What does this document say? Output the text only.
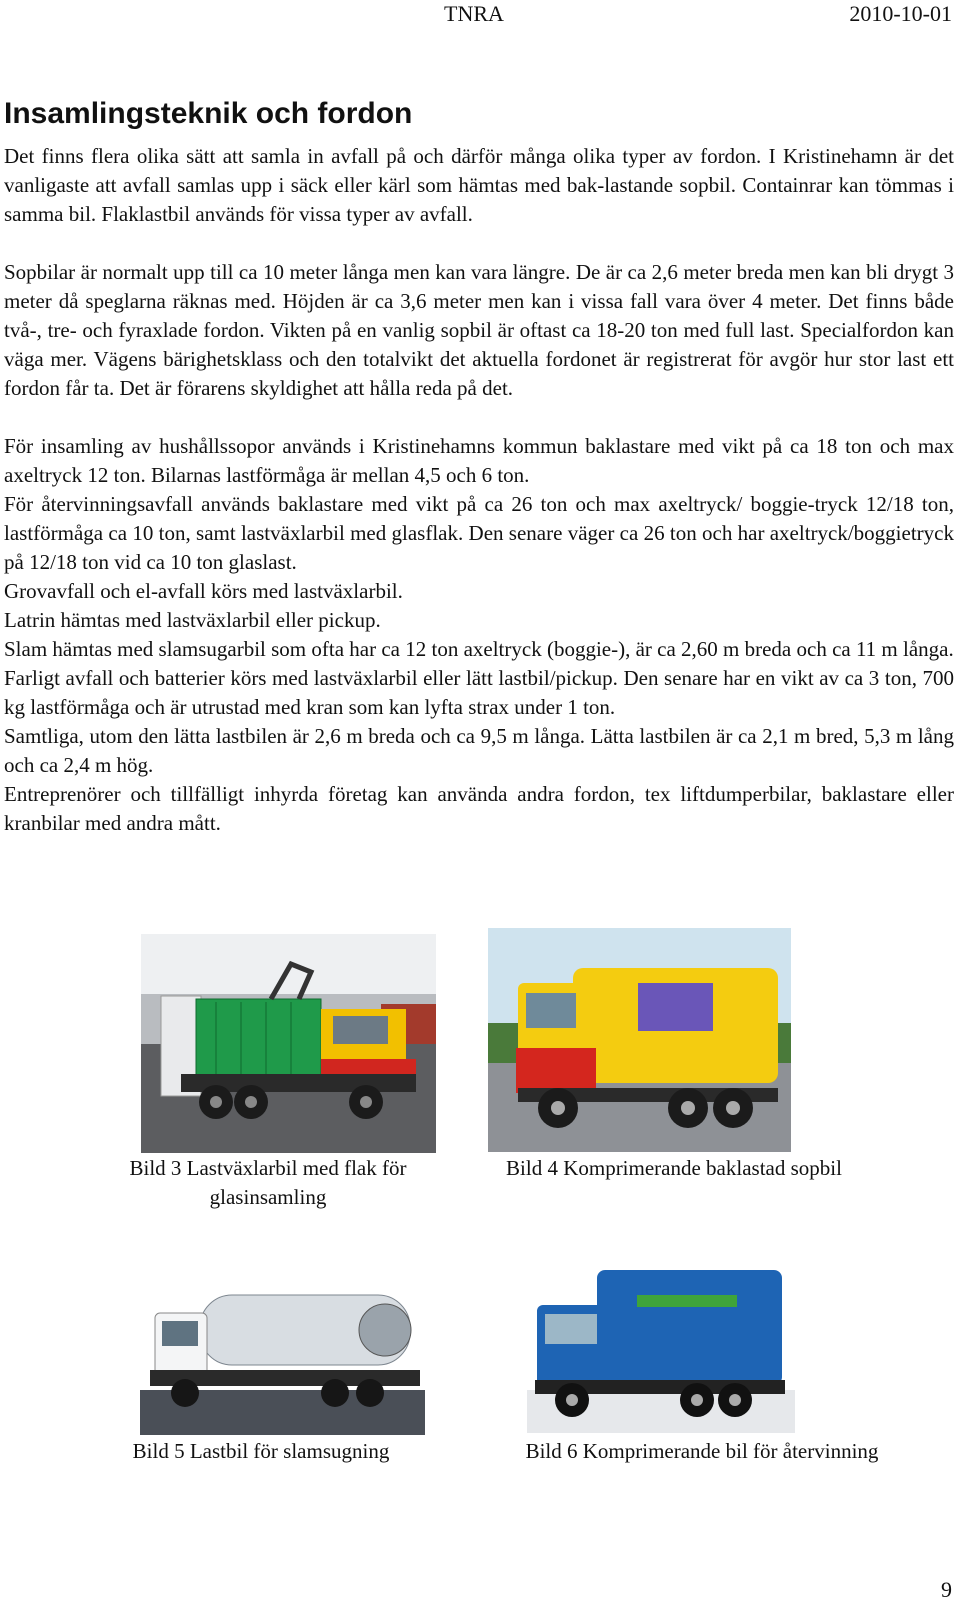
TNRA	2010-10-01
Insamlingsteknik och fordon

Det finns flera olika sätt att samla in avfall på och därför många olika typer av fordon. I Kristinehamn är det vanligaste att avfall samlas upp i säck eller kärl som hämtas med bak-lastande sopbil. Containrar kan tömmas i samma bil. Flaklastbil används för vissa typer av avfall.

Sopbilar är normalt upp till ca 10 meter långa men kan vara längre. De är ca 2,6 meter breda men kan bli drygt 3 meter då speglarna räknas med. Höjden är ca 3,6 meter men kan i vissa fall vara över 4 meter. Det finns både två-, tre- och fyraxlade fordon. Vikten på en vanlig sopbil är oftast ca 18-20 ton med full last. Specialfordon kan väga mer. Vägens bärighetsklass och den totalvikt det aktuella fordonet är registrerat för avgör hur stor last ett fordon får ta. Det är förarens skyldighet att hålla reda på det.

För insamling av hushållssopor används i Kristinehamns kommun baklastare med vikt på ca 18 ton och max axeltryck 12 ton. Bilarnas lastförmåga är mellan 4,5 och 6 ton.

För återvinningsavfall används baklastare med vikt på ca 26 ton och max axeltryck/ boggie-tryck 12/18 ton, lastförmåga ca 10 ton, samt lastväxlarbil med glasflak. Den senare väger ca 26 ton och har axeltryck/boggietryck på 12/18 ton vid ca 10 ton glaslast.

Grovavfall och el-avfall körs med lastväxlarbil.

Latrin hämtas med lastväxlarbil eller pickup.

Slam hämtas med slamsugarbil som ofta har ca 12 ton axeltryck (boggie-), är ca 2,60 m breda och ca 11 m långa.

Farligt avfall och batterier körs med lastväxlarbil eller lätt lastbil/pickup. Den senare har en vikt av ca 3 ton, 700 kg lastförmåga och är utrustad med kran som kan lyfta strax under 1 ton.

Samtliga, utom den lätta lastbilen är 2,6 m breda och ca 9,5 m långa. Lätta lastbilen är ca 2,1 m bred, 5,3 m lång och ca 2,4 m hög.

Entreprenörer och tillfälligt inhyrda företag kan använda andra fordon, tex liftdumperbilar, baklastare eller kranbilar med andra mått.

Bild 3 Lastväxlarbil med flak för glasinsamling
Bild 4 Komprimerande baklastad sopbil
Bild 5 Lastbil för slamsugning	Bild 6 Komprimerande bil för återvinning
9
